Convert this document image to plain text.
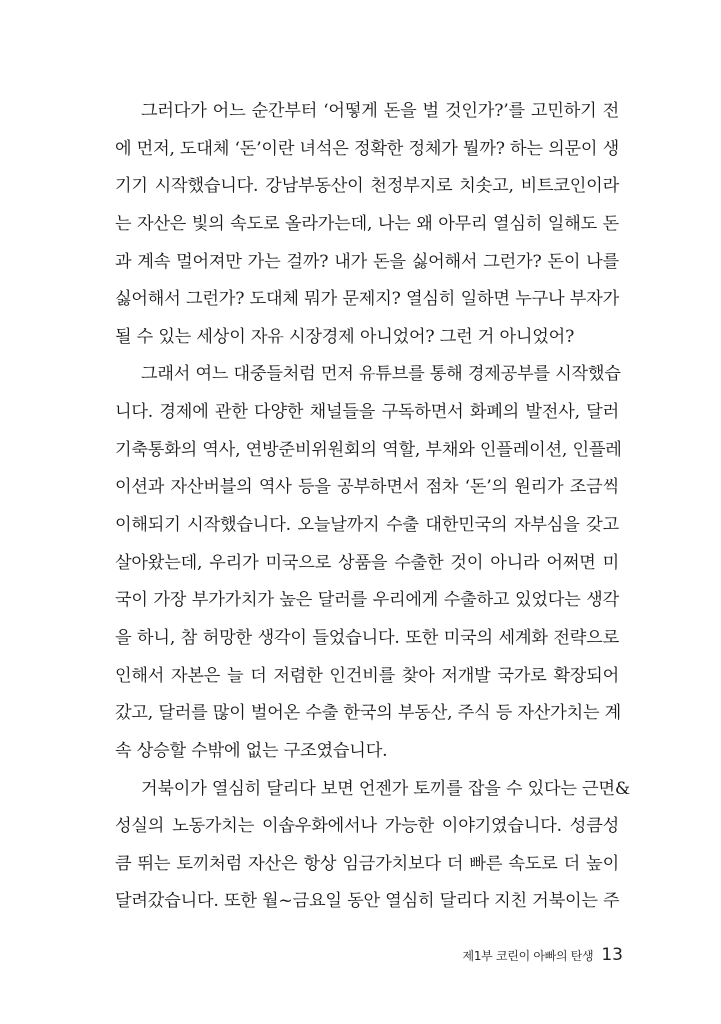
그러다가 어느 순간부터 ‘어떻게 돈을 벌 것인가?’를 고민하기 전
에 먼저, 도대체 ‘돈’이란 녀석은 정확한 정체가 뭘까? 하는 의문이 생
기기 시작했습니다. 강남부동산이 천정부지로 치솟고, 비트코인이라
는 자산은 빛의 속도로 올라가는데, 나는 왜 아무리 열심히 일해도 돈
과 계속 멀어져만 가는 걸까? 내가 돈을 싫어해서 그런가? 돈이 나를
싫어해서 그런가? 도대체 뭐가 문제지? 열심히 일하면 누구나 부자가
될 수 있는 세상이 자유 시장경제 아니었어? 그런 거 아니었어?
그래서 여느 대중들처럼 먼저 유튜브를 통해 경제공부를 시작했습
니다. 경제에 관한 다양한 채널들을 구독하면서 화폐의 발전사, 달러
기축통화의 역사, 연방준비위원회의 역할, 부채와 인플레이션, 인플레
이션과 자산버블의 역사 등을 공부하면서 점차 ‘돈’의 원리가 조금씩
이해되기 시작했습니다. 오늘날까지 수출 대한민국의 자부심을 갖고
살아왔는데, 우리가 미국으로 상품을 수출한 것이 아니라 어쩌면 미
국이 가장 부가가치가 높은 달러를 우리에게 수출하고 있었다는 생각
을 하니, 참 허망한 생각이 들었습니다. 또한 미국의 세계화 전략으로
인해서 자본은 늘 더 저렴한 인건비를 찾아 저개발 국가로 확장되어
갔고, 달러를 많이 벌어온 수출 한국의 부동산, 주식 등 자산가치는 계
속 상승할 수밖에 없는 구조였습니다.
거북이가 열심히 달리다 보면 언젠가 토끼를 잡을 수 있다는 근면&
성실의 노동가치는 이솝우화에서나 가능한 이야기였습니다. 성큼성
큼 뛰는 토끼처럼 자산은 항상 임금가치보다 더 빠른 속도로 더 높이
달려갔습니다. 또한 월~금요일 동안 열심히 달리다 지친 거북이는 주
제1부 코린이 아빠의 탄생 13
